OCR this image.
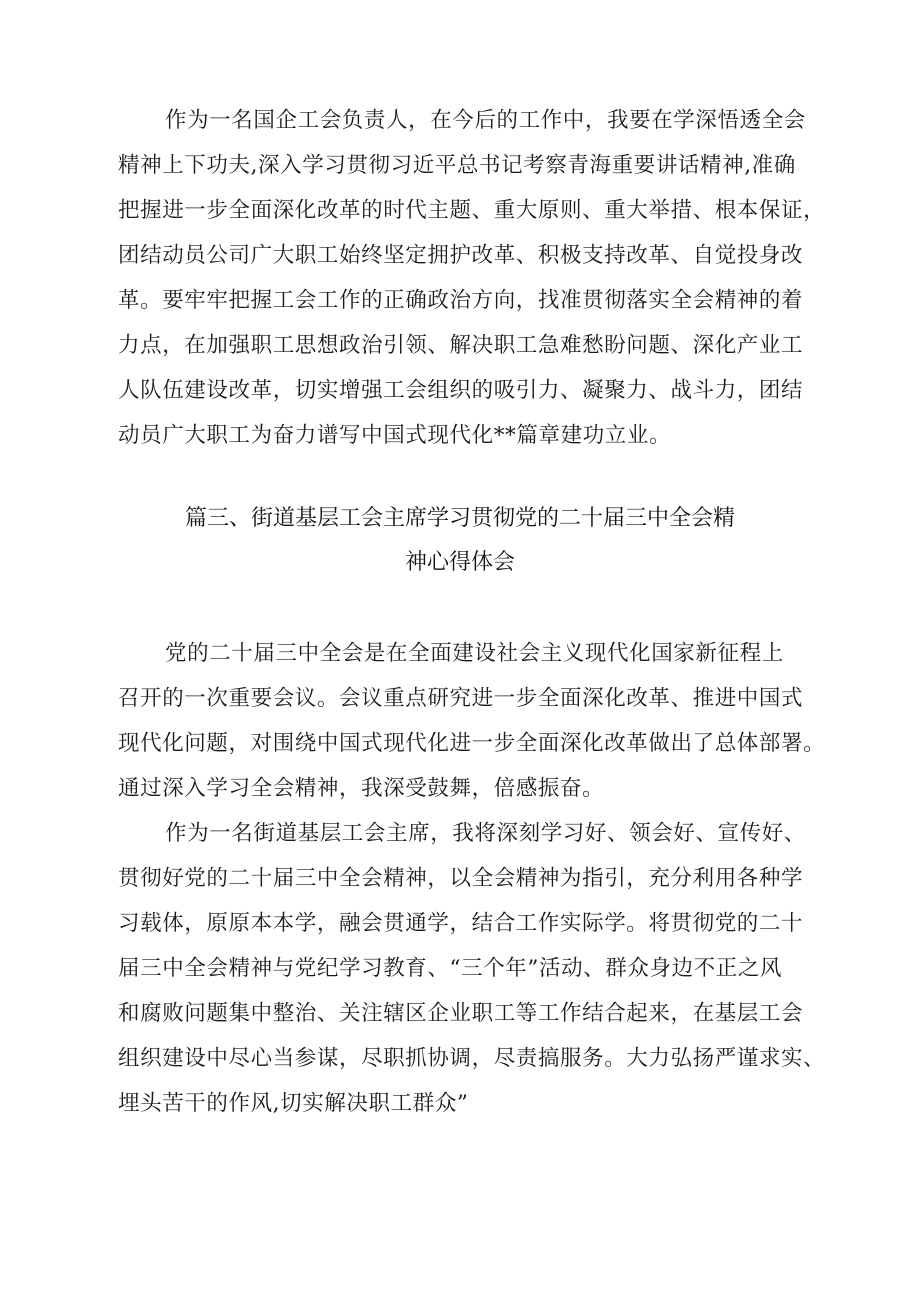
作为一名国企工会负责人，在今后的工作中，我要在学深悟透全会
精神上下功夫,深入学习贯彻习近平总书记考察青海重要讲话精神,准确
把握进一步全面深化改革的时代主题、重大原则、重大举措、根本保证，
团结动员公司广大职工始终坚定拥护改革、积极支持改革、自觉投身改
革。要牢牢把握工会工作的正确政治方向，找准贯彻落实全会精神的着
力点，在加强职工思想政治引领、解决职工急难愁盼问题、深化产业工
人队伍建设改革，切实增强工会组织的吸引力、凝聚力、战斗力，团结
动员广大职工为奋力谱写中国式现代化**篇章建功立业。
篇三、街道基层工会主席学习贯彻党的二十届三中全会精
神心得体会
党的二十届三中全会是在全面建设社会主义现代化国家新征程上
召开的一次重要会议。会议重点研究进一步全面深化改革、推进中国式
现代化问题，对围绕中国式现代化进一步全面深化改革做出了总体部署。
通过深入学习全会精神，我深受鼓舞，倍感振奋。
作为一名街道基层工会主席，我将深刻学习好、领会好、宣传好、
贯彻好党的二十届三中全会精神，以全会精神为指引，充分利用各种学
习载体，原原本本学，融会贯通学，结合工作实际学。将贯彻党的二十
届三中全会精神与党纪学习教育、“三个年”活动、群众身边不正之风
和腐败问题集中整治、关注辖区企业职工等工作结合起来，在基层工会
组织建设中尽心当参谋，尽职抓协调，尽责搞服务。大力弘扬严谨求实、
埋头苦干的作风,切实解决职工群众”
